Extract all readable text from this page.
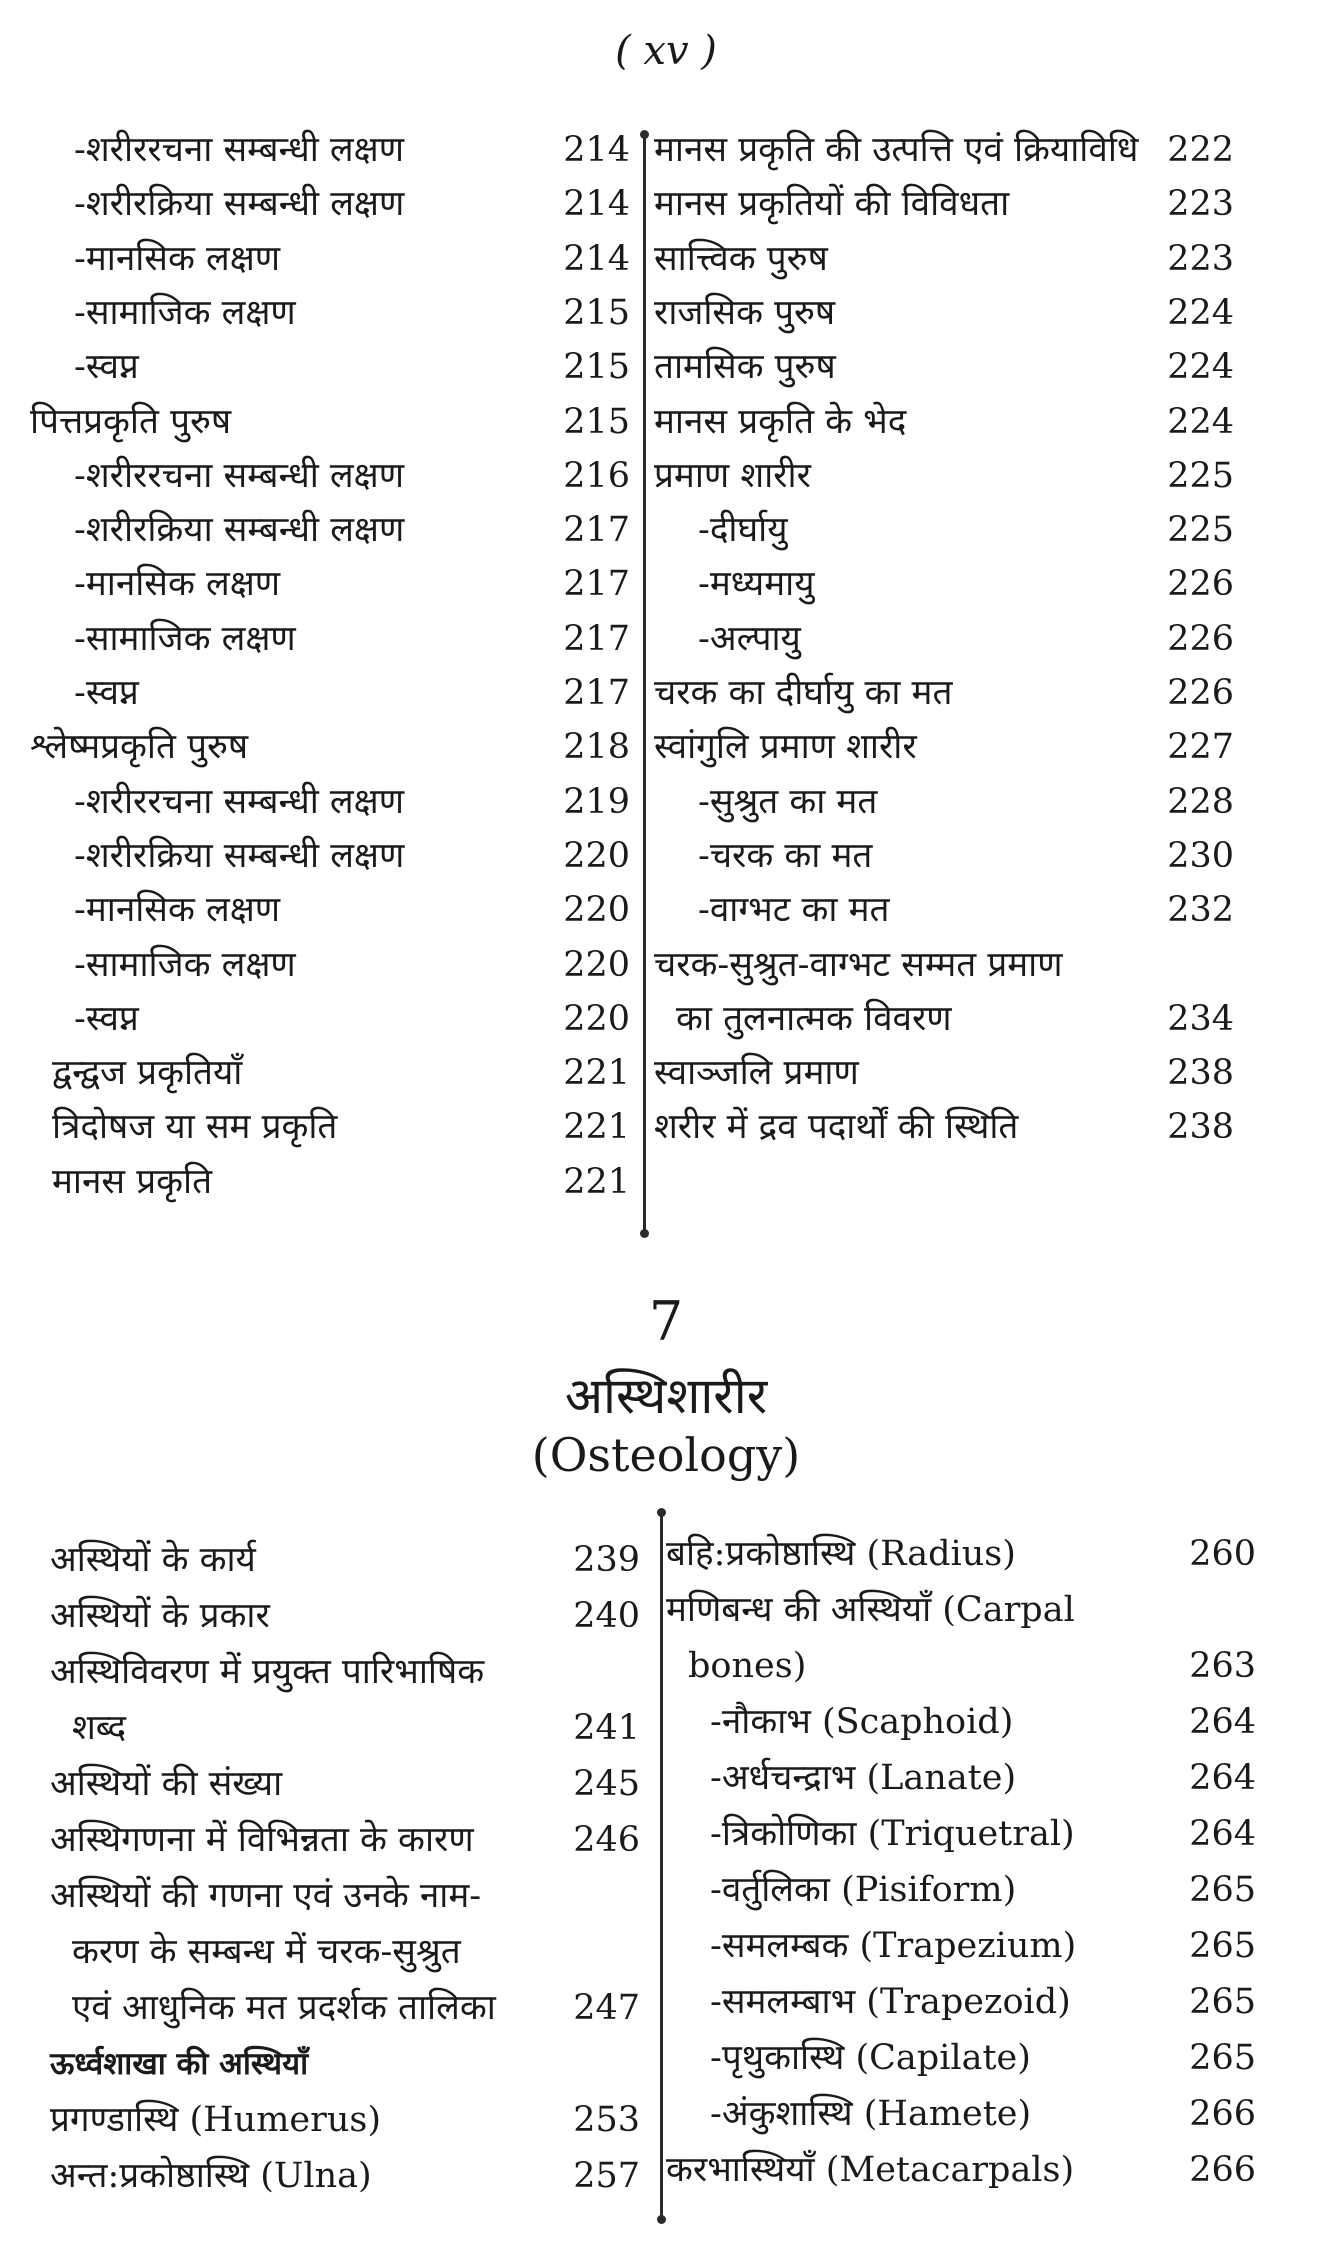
( xv )
-शरीररचना सम्बन्धी लक्षण	214
-शरीरक्रिया सम्बन्धी लक्षण	214
-मानसिक लक्षण	214
-सामाजिक लक्षण	215
-स्वप्न	215
पित्तप्रकृति पुरुष	215
-शरीररचना सम्बन्धी लक्षण	216
-शरीरक्रिया सम्बन्धी लक्षण	217
-मानसिक लक्षण	217
-सामाजिक लक्षण	217
-स्वप्न	217
श्लेष्मप्रकृति पुरुष	218
-शरीररचना सम्बन्धी लक्षण	219
-शरीरक्रिया सम्बन्धी लक्षण	220
-मानसिक लक्षण	220
-सामाजिक लक्षण	220
-स्वप्न	220
द्वन्द्वज प्रकृतियाँ	221
त्रिदोषज या सम प्रकृति	221
मानस प्रकृति	221
मानस प्रकृति की उत्पत्ति एवं क्रियाविधि 222
मानस प्रकृतियों की विविधता	223
सात्त्विक पुरुष	223
राजसिक पुरुष	224
तामसिक पुरुष	224
मानस प्रकृति के भेद	224
प्रमाण शारीर	225
-दीर्घायु	225
-मध्यमायु	226
-अल्पायु	226
चरक का दीर्घायु का मत	226
स्वांगुलि प्रमाण शारीर	227
-सुश्रुत का मत	228
-चरक का मत	230
-वाग्भट का मत	232
चरक-सुश्रुत-वाग्भट सम्मत प्रमाण
का तुलनात्मक विवरण	234
स्वाञ्जलि प्रमाण	238
शरीर में द्रव पदार्थों की स्थिति	238
7
अस्थिशारीर
(Osteology)
अस्थियों के कार्य	239
अस्थियों के प्रकार	240
अस्थिविवरण में प्रयुक्त पारिभाषिक
शब्द	241
अस्थियों की संख्या	245
अस्थिगणना में विभिन्नता के कारण	246
अस्थियों की गणना एवं उनके नाम-
करण के सम्बन्ध में चरक-सुश्रुत
एवं आधुनिक मत प्रदर्शक तालिका 247
ऊर्ध्वशाखा की अस्थियाँ
प्रगण्डास्थि (Humerus)	253
अन्त:प्रकोष्ठास्थि (Ulna)	257
बहि:प्रकोष्ठास्थि (Radius)	260
मणिबन्ध की अस्थियाँ (Carpal
bones)	263
-नौकाभ (Scaphoid)	264
-अर्धचन्द्राभ (Lanate)	264
-त्रिकोणिका (Triquetral)	264
-वर्तुलिका (Pisiform)	265
-समलम्बक (Trapezium)	265
-समलम्बाभ (Trapezoid)	265
-पृथुकास्थि (Capilate)	265
-अंकुशास्थि (Hamete)	266
करभास्थियाँ (Metacarpals)	266
